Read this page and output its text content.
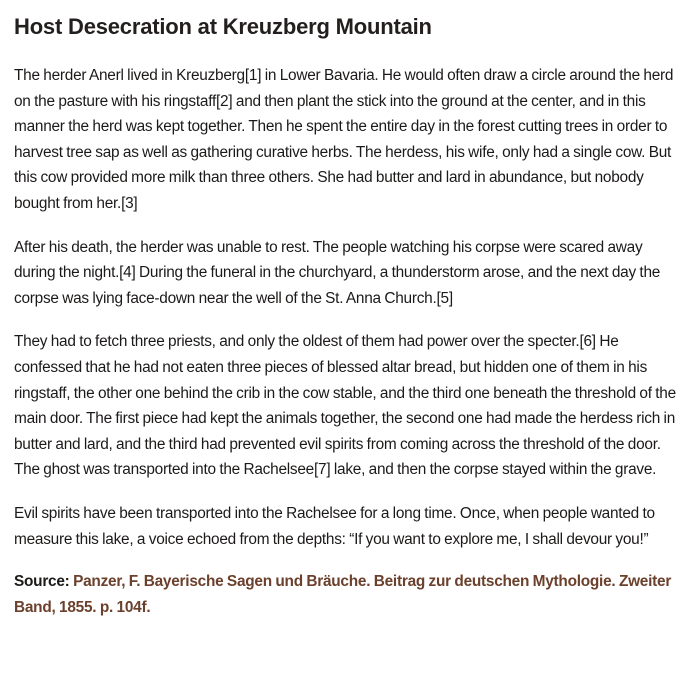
Host Desecration at Kreuzberg Mountain

The herder Anerl lived in Kreuzberg[1] in Lower Bavaria. He would often draw a circle around the herd on the pasture with his ringstaff[2] and then plant the stick into the ground at the center, and in this manner the herd was kept together. Then he spent the entire day in the forest cutting trees in order to harvest tree sap as well as gathering curative herbs. The herdess, his wife, only had a single cow. But this cow provided more milk than three others. She had butter and lard in abundance, but nobody bought from her.[3]

After his death, the herder was unable to rest. The people watching his corpse were scared away during the night.[4] During the funeral in the churchyard, a thunderstorm arose, and the next day the corpse was lying face-down near the well of the St. Anna Church.[5]

They had to fetch three priests, and only the oldest of them had power over the specter.[6] He confessed that he had not eaten three pieces of blessed altar bread, but hidden one of them in his ringstaff, the other one behind the crib in the cow stable, and the third one beneath the threshold of the main door. The first piece had kept the animals together, the second one had made the herdess rich in butter and lard, and the third had prevented evil spirits from coming across the threshold of the door. The ghost was transported into the Rachelsee[7] lake, and then the corpse stayed within the grave.

Evil spirits have been transported into the Rachelsee for a long time. Once, when people wanted to measure this lake, a voice echoed from the depths: “If you want to explore me, I shall devour you!”

Source: Panzer, F. Bayerische Sagen und Bräuche. Beitrag zur deutschen Mythologie. Zweiter Band, 1855. p. 104f.
